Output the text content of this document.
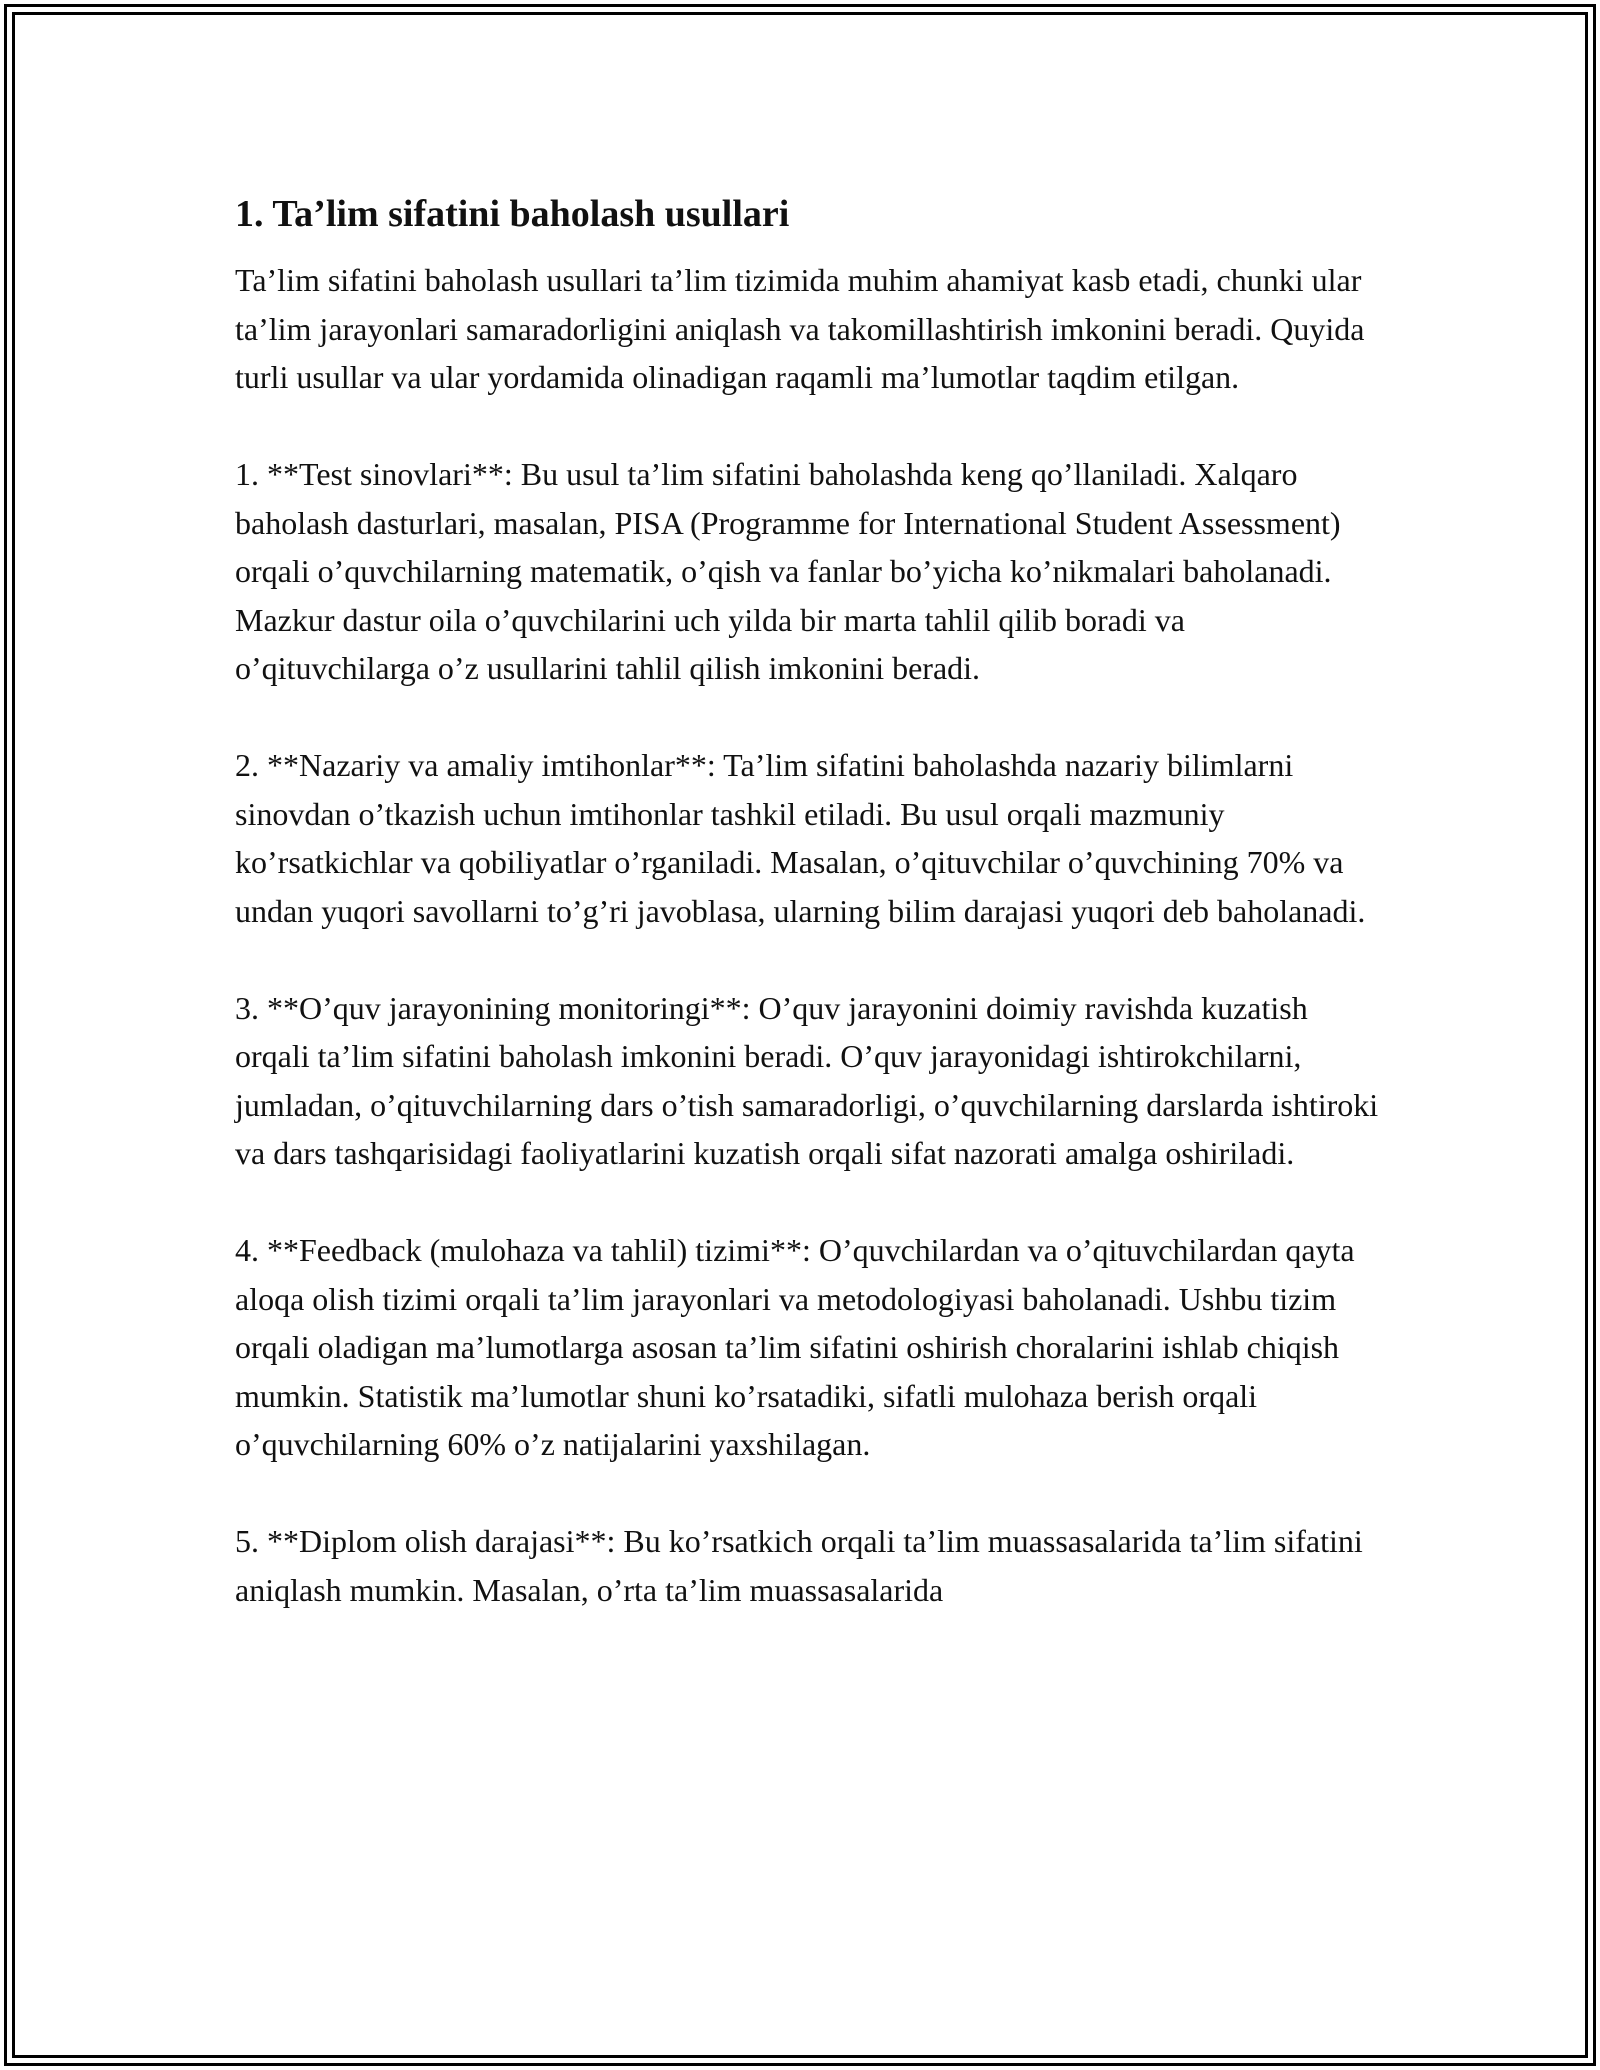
1. Ta’lim sifatini baholash usullari

Ta’lim sifatini baholash usullari ta’lim tizimida muhim ahamiyat kasb etadi, chunki ular ta’lim jarayonlari samaradorligini aniqlash va takomillashtirish imkonini beradi. Quyida turli usullar va ular yordamida olinadigan raqamli ma’lumotlar taqdim etilgan.

1. **Test sinovlari**: Bu usul ta’lim sifatini baholashda keng qo’llaniladi. Xalqaro baholash dasturlari, masalan, PISA (Programme for International Student Assessment) orqali o’quvchilarning matematik, o’qish va fanlar bo’yicha ko’nikmalari baholanadi. Mazkur dastur oila o’quvchilarini uch yilda bir marta tahlil qilib boradi va o’qituvchilarga o’z usullarini tahlil qilish imkonini beradi.

2. **Nazariy va amaliy imtihonlar**: Ta’lim sifatini baholashda nazariy bilimlarni sinovdan o’tkazish uchun imtihonlar tashkil etiladi. Bu usul orqali mazmuniy ko’rsatkichlar va qobiliyatlar o’rganiladi. Masalan, o’qituvchilar o’quvchining 70% va undan yuqori savollarni to’g’ri javoblasa, ularning bilim darajasi yuqori deb baholanadi.

3. **O’quv jarayonining monitoringi**: O’quv jarayonini doimiy ravishda kuzatish orqali ta’lim sifatini baholash imkonini beradi. O’quv jarayonidagi ishtirokchilarni, jumladan, o’qituvchilarning dars o’tish samaradorligi, o’quvchilarning darslarda ishtiroki va dars tashqarisidagi faoliyatlarini kuzatish orqali sifat nazorati amalga oshiriladi.

4. **Feedback (mulohaza va tahlil) tizimi**: O’quvchilardan va o’qituvchilardan qayta aloqa olish tizimi orqali ta’lim jarayonlari va metodologiyasi baholanadi. Ushbu tizim orqali oladigan ma’lumotlarga asosan ta’lim sifatini oshirish choralarini ishlab chiqish mumkin. Statistik ma’lumotlar shuni ko’rsatadiki, sifatli mulohaza berish orqali o’quvchilarning 60% o’z natijalarini yaxshilagan.

5. **Diplom olish darajasi**: Bu ko’rsatkich orqali ta’lim muassasalarida ta’lim sifatini aniqlash mumkin. Masalan, o’rta ta’lim muassasalarida
